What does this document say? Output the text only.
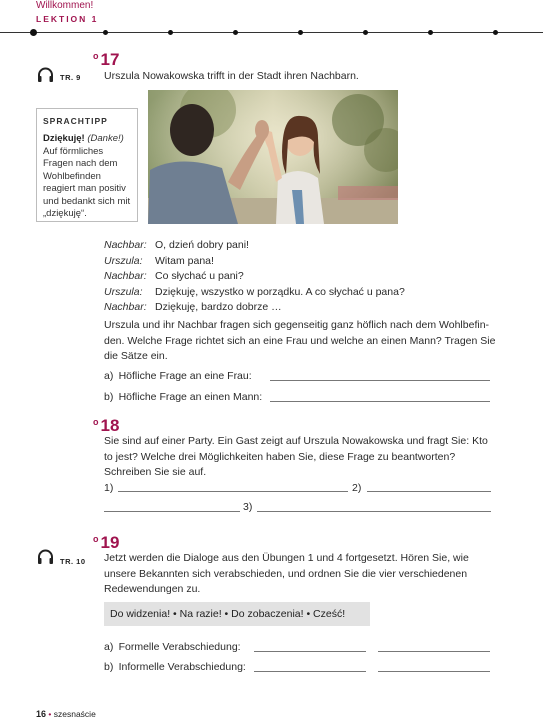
Willkommen!
LEKTION 1
$^o$ 17
TR. 9 Urszula Nowakowska trifft in der Stadt ihren Nachbarn.
SPRACHTIPP
Dziękuję! (Danke!)
Auf förmliches
Fragen nach dem
Wohlbefinden
reagiert man positiv
und bedankt sich mit
„dziękuję“.
Nachbar: O, dzień dobry pani!
Urszula: Witam pana!
Nachbar: Co słychać u pani?
Urszula: Dziękuję, wszystko w porządku. A co słychać u pana?
Nachbar: Dziękuję, bardzo dobrze …
Urszula und ihr Nachbar fragen sich gegenseitig ganz höflich nach dem Wohlbefin-
den. Welche Frage richtet sich an eine Frau und welche an einen Mann? Tragen Sie
die Sätze ein.
a) Höfliche Frage an eine Frau:
b) Höfliche Frage an einen Mann:
$^o$ 18
Sie sind auf einer Party. Ein Gast zeigt auf Urszula Nowakowska und fragt Sie: Kto
to jest? Welche drei Möglichkeiten haben Sie, diese Frage zu beantworten?
Schreiben Sie sie auf.
1)	2)
3)
$^o$ 19
TR. 10 Jetzt werden die Dialoge aus den Übungen 1 und 4 fortgesetzt. Hören Sie, wie
unsere Bekannten sich verabschieden, und ordnen Sie die vier verschiedenen
Redewendungen zu.
Do widzenia! • Na razie! • Do zobaczenia! • Cześć!
a) Formelle Verabschiedung:
b) Informelle Verabschiedung:
16 • szesnaście
